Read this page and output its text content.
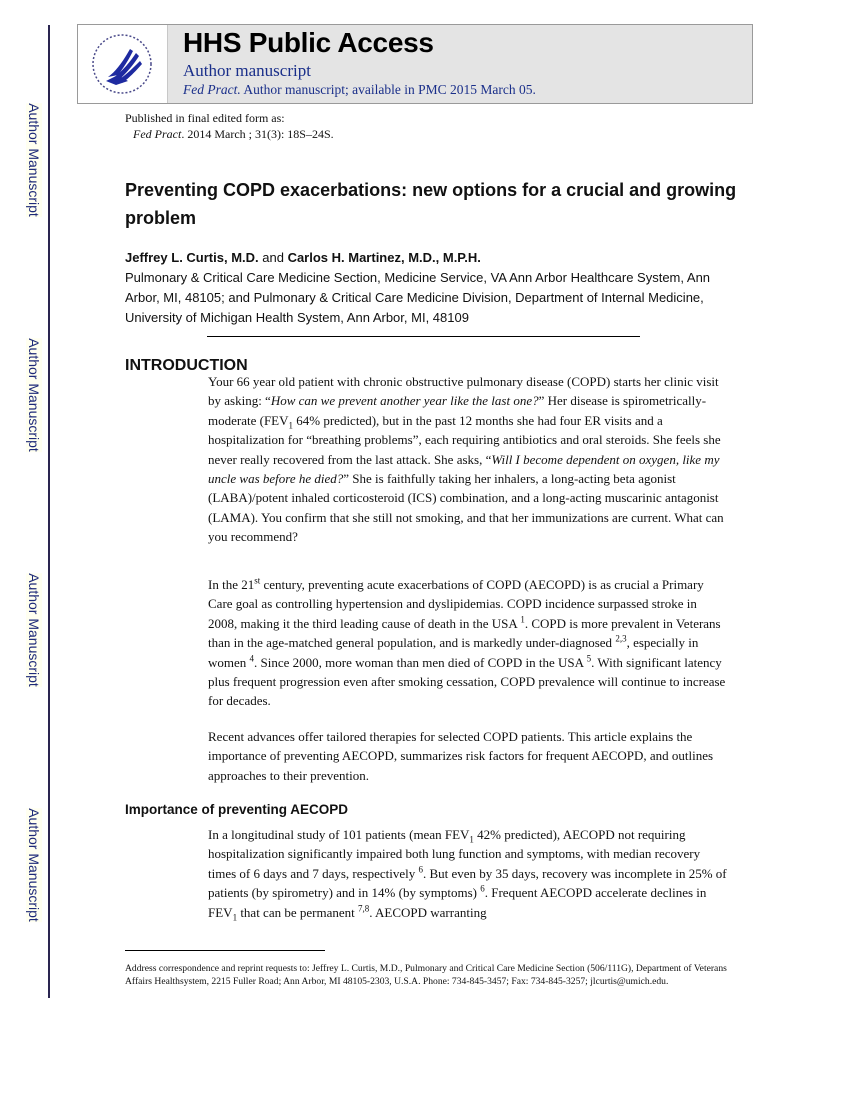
Author Manuscript
Author Manuscript
Author Manuscript
Author Manuscript
HHS Public Access
Author manuscript
Fed Pract. Author manuscript; available in PMC 2015 March 05.
Published in final edited form as:
Fed Pract. 2014 March ; 31(3): 18S–24S.
Preventing COPD exacerbations: new options for a crucial and growing problem
Jeffrey L. Curtis, M.D. and Carlos H. Martinez, M.D., M.P.H.
Pulmonary & Critical Care Medicine Section, Medicine Service, VA Ann Arbor Healthcare System, Ann Arbor, MI, 48105; and Pulmonary & Critical Care Medicine Division, Department of Internal Medicine, University of Michigan Health System, Ann Arbor, MI, 48109
INTRODUCTION
Your 66 year old patient with chronic obstructive pulmonary disease (COPD) starts her clinic visit by asking: “How can we prevent another year like the last one?” Her disease is spirometrically-moderate ($FEV_1$ 64% predicted), but in the past 12 months she had four ER visits and a hospitalization for “breathing problems”, each requiring antibiotics and oral steroids. She feels she never really recovered from the last attack. She asks, “Will I become dependent on oxygen, like my uncle was before he died?” She is faithfully taking her inhalers, a long-acting beta agonist (LABA)/potent inhaled corticosteroid (ICS) combination, and a long-acting muscarinic antagonist (LAMA). You confirm that she still not smoking, and that her immunizations are current. What can you recommend?
In the 21st century, preventing acute exacerbations of COPD (AECOPD) is as crucial a Primary Care goal as controlling hypertension and dyslipidemias. COPD incidence surpassed stroke in 2008, making it the third leading cause of death in the USA $^1$. COPD is more prevalent in Veterans than in the age-matched general population, and is markedly under-diagnosed $^{2,3}$, especially in women $^4$. Since 2000, more woman than men died of COPD in the USA $^5$. With significant latency plus frequent progression even after smoking cessation, COPD prevalence will continue to increase for decades.
Recent advances offer tailored therapies for selected COPD patients. This article explains the importance of preventing AECOPD, summarizes risk factors for frequent AECOPD, and outlines approaches to their prevention.
Importance of preventing AECOPD
In a longitudinal study of 101 patients (mean $FEV_1$ 42% predicted), AECOPD not requiring hospitalization significantly impaired both lung function and symptoms, with median recovery times of 6 days and 7 days, respectively $^6$. But even by 35 days, recovery was incomplete in 25% of patients (by spirometry) and in 14% (by symptoms) $^6$. Frequent AECOPD accelerate declines in $FEV_1$ that can be permanent $^{7,8}$. AECOPD warranting
Address correspondence and reprint requests to: Jeffrey L. Curtis, M.D., Pulmonary and Critical Care Medicine Section (506/111G), Department of Veterans Affairs Healthsystem, 2215 Fuller Road; Ann Arbor, MI 48105-2303, U.S.A. Phone: 734-845-3457; Fax: 734-845-3257; jlcurtis@umich.edu.
